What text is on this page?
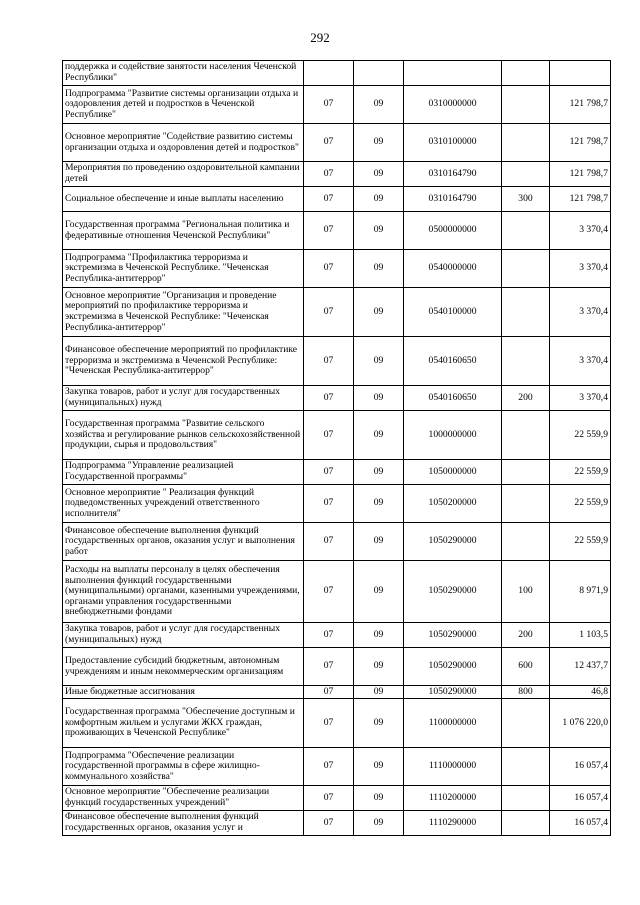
292
поддержка и содействие занятости населения Чеченской Республики"					
Подпрограмма "Развитие системы организации отдыха и оздоровления детей и подростков в Чеченской Республике"	07	09	0310000000		121 798,7
Основное мероприятие "Содействие развитию системы организации отдыха и оздоровления детей и подростков"	07	09	0310100000		121 798,7
Мероприятия по проведению оздоровительной кампании детей	07	09	0310164790		121 798,7
Социальное обеспечение и иные выплаты населению	07	09	0310164790	300	121 798,7
Государственная программа "Региональная политика и федеративные отношения Чеченской Республики"	07	09	0500000000		3 370,4
Подпрограмма "Профилактика терроризма и экстремизма в Чеченской Республике. "Чеченская Республика-антитеррор"	07	09	0540000000		3 370,4
Основное мероприятие "Организация и проведение мероприятий по профилактике терроризма и экстремизма в Чеченской Республике: "Чеченская Республика-антитеррор"	07	09	0540100000		3 370,4
Финансовое обеспечение мероприятий по профилактике терроризма и экстремизма в Чеченской Республике: "Чеченская Республика-антитеррор"	07	09	0540160650		3 370,4
Закупка товаров, работ и услуг для государственных (муниципальных) нужд	07	09	0540160650	200	3 370,4
Государственная программа "Развитие сельского хозяйства и регулирование рынков сельскохозяйственной продукции, сырья и продовольствия"	07	09	1000000000		22 559,9
Подпрограмма "Управление реализацией Государственной программы"	07	09	1050000000		22 559,9
Основное мероприятие " Реализация функций подведомственных учреждений ответственного исполнителя"	07	09	1050200000		22 559,9
Финансовое обеспечение выполнения функций государственных органов, оказания услуг и выполнения работ	07	09	1050290000		22 559,9
Расходы на выплаты персоналу в целях обеспечения выполнения функций государственными (муниципальными) органами, казенными учреждениями, органами управления государственными внебюджетными фондами	07	09	1050290000	100	8 971,9
Закупка товаров, работ и услуг для государственных (муниципальных) нужд	07	09	1050290000	200	1 103,5
Предоставление субсидий бюджетным, автономным учреждениям и иным некоммерческим организациям	07	09	1050290000	600	12 437,7
Иные бюджетные ассигнования	07	09	1050290000	800	46,8
Государственная программа "Обеспечение доступным и комфортным жильем и услугами ЖКХ граждан, проживающих в Чеченской Республике"	07	09	1100000000		1 076 220,0
Подпрограмма "Обеспечение реализации государственной программы в сфере жилищно-коммунального хозяйства"	07	09	1110000000		16 057,4
Основное мероприятие "Обеспечение реализации функций государственных учреждений"	07	09	1110200000		16 057,4
Финансовое обеспечение выполнения функций государственных органов, оказания услуг и	07	09	1110290000		16 057,4
